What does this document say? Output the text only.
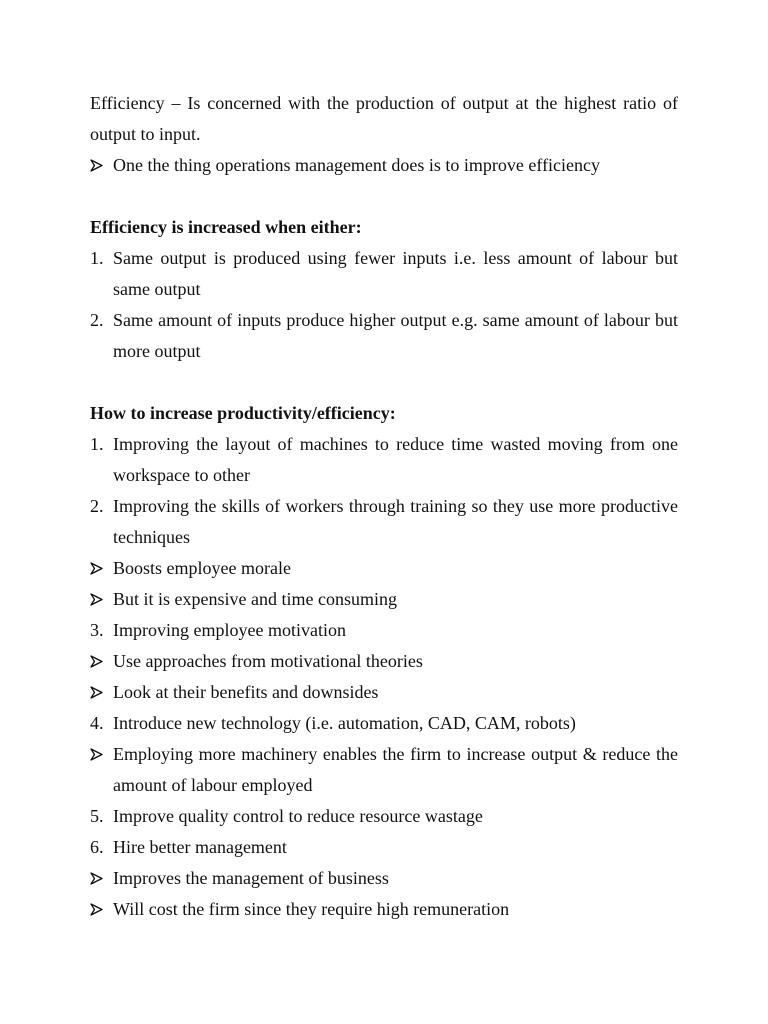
Efficiency – Is concerned with the production of output at the highest ratio of output to input.

One the thing operations management does is to improve efficiency

Efficiency is increased when either:

1. Same output is produced using fewer inputs i.e. less amount of labour but same output
2. Same amount of inputs produce higher output e.g. same amount of labour but more output

How to increase productivity/efficiency:

1. Improving the layout of machines to reduce time wasted moving from one workspace to other
2. Improving the skills of workers through training so they use more productive techniques
Boosts employee morale
But it is expensive and time consuming
3. Improving employee motivation
Use approaches from motivational theories
Look at their benefits and downsides
4. Introduce new technology (i.e. automation, CAD, CAM, robots)
Employing more machinery enables the firm to increase output & reduce the amount of labour employed
5. Improve quality control to reduce resource wastage
6. Hire better management
Improves the management of business
Will cost the firm since they require high remuneration
